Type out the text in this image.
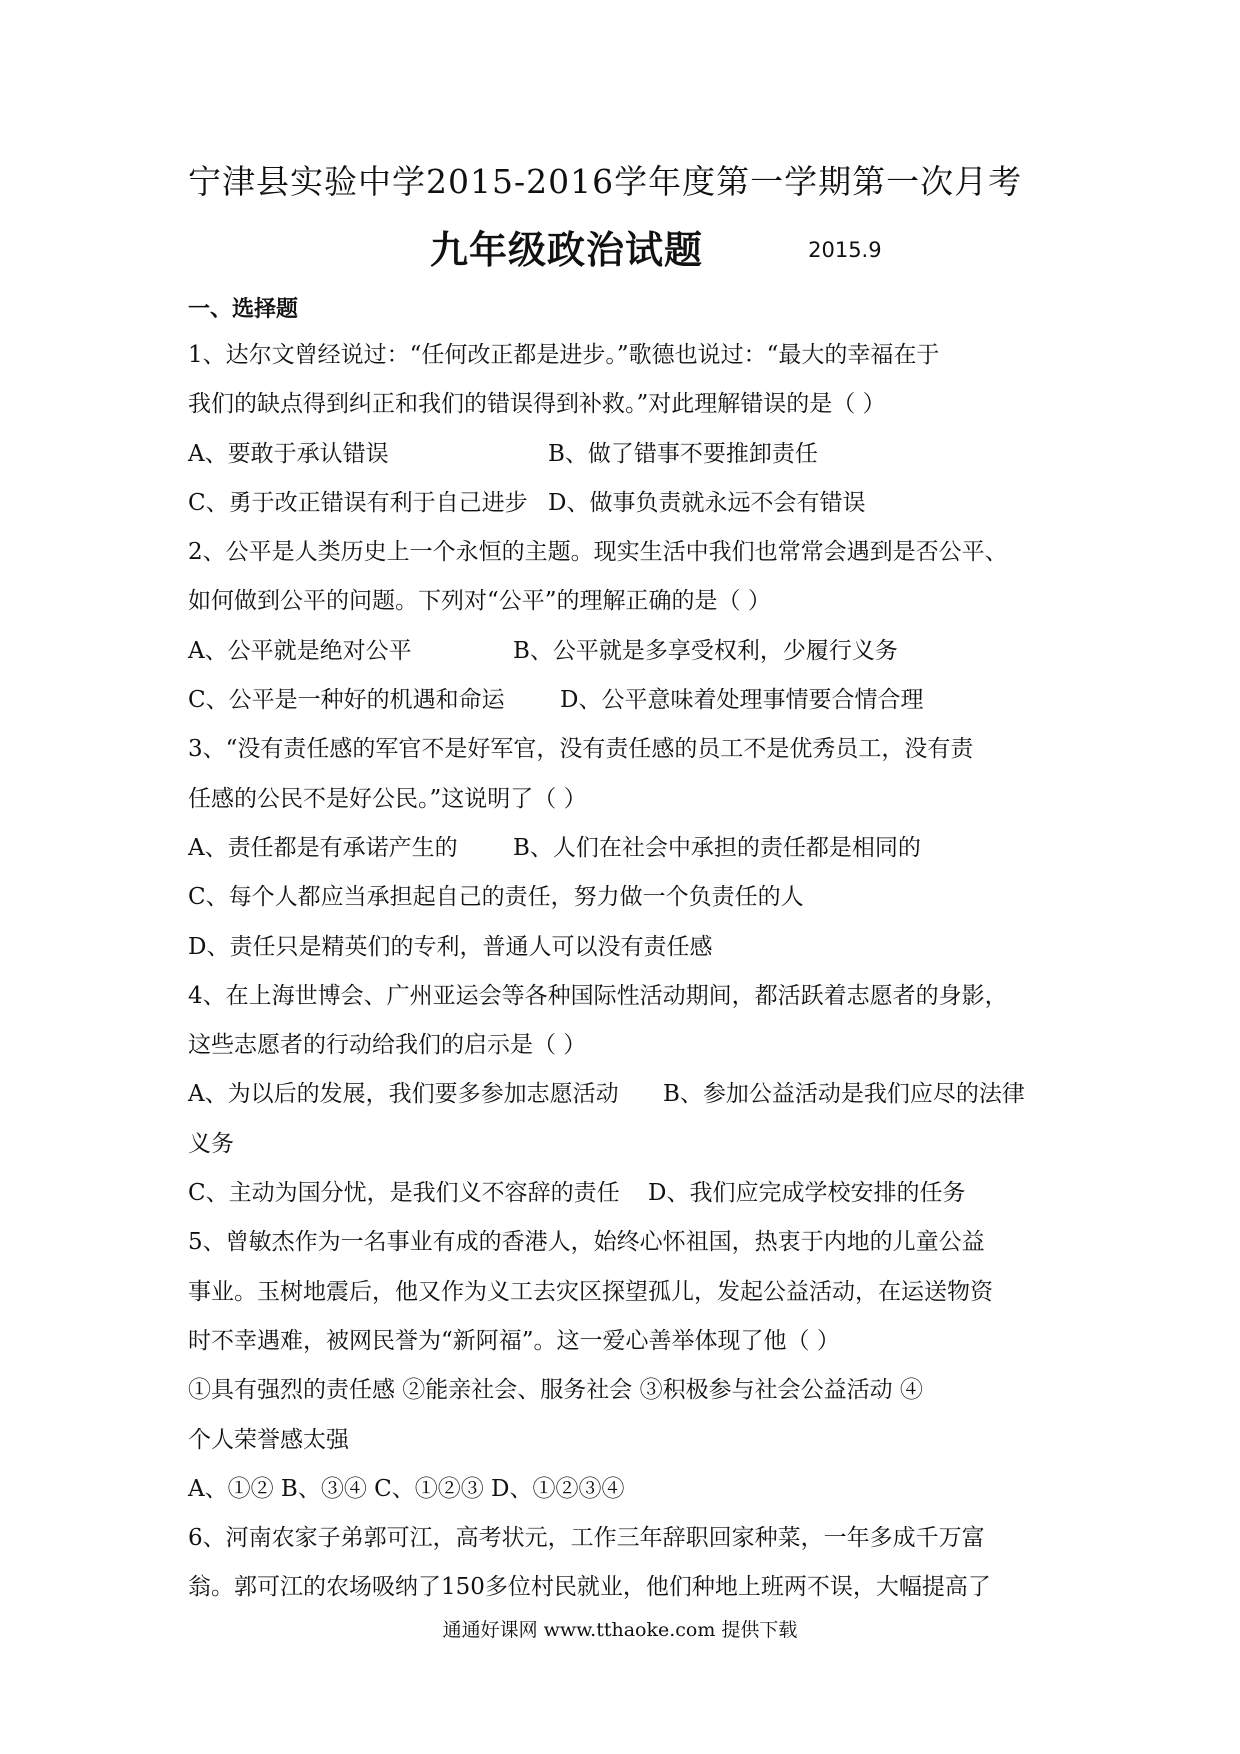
宁津县实验中学2015-2016学年度第一学期第一次月考
九年级政治试题	2015.9
一、选择题
1、达尔文曾经说过：“任何改正都是进步。”歌德也说过：“最大的幸福在于
我们的缺点得到纠正和我们的错误得到补救。”对此理解错误的是（ ）
A、要敢于承认错误	B、做了错事不要推卸责任
C、勇于改正错误有利于自己进步 D、做事负责就永远不会有错误
2、公平是人类历史上一个永恒的主题。现实生活中我们也常常会遇到是否公平、
如何做到公平的问题。下列对“公平”的理解正确的是（ ）
A、公平就是绝对公平	B、公平就是多享受权利，少履行义务
C、公平是一种好的机遇和命运 D、公平意味着处理事情要合情合理
3、“没有责任感的军官不是好军官，没有责任感的员工不是优秀员工，没有责
任感的公民不是好公民。”这说明了（ ）
A、责任都是有承诺产生的 B、人们在社会中承担的责任都是相同的
C、每个人都应当承担起自己的责任，努力做一个负责任的人
D、责任只是精英们的专利，普通人可以没有责任感
4、在上海世博会、广州亚运会等各种国际性活动期间，都活跃着志愿者的身影，
这些志愿者的行动给我们的启示是（ ）
A、为以后的发展，我们要多参加志愿活动 B、参加公益活动是我们应尽的法律
义务
C、主动为国分忧，是我们义不容辞的责任 D、我们应完成学校安排的任务
5、曾敏杰作为一名事业有成的香港人，始终心怀祖国，热衷于内地的儿童公益
事业。玉树地震后，他又作为义工去灾区探望孤儿，发起公益活动，在运送物资
时不幸遇难，被网民誉为“新阿福”。这一爱心善举体现了他（ ）
①具有强烈的责任感 ②能亲社会、服务社会 ③积极参与社会公益活动 ④
个人荣誉感太强
A、①② B、③④ C、①②③ D、①②③④
6、河南农家子弟郭可江，高考状元，工作三年辞职回家种菜，一年多成千万富
翁。郭可江的农场吸纳了150多位村民就业，他们种地上班两不误，大幅提高了
通通好课网 www.tthaoke.com 提供下载
